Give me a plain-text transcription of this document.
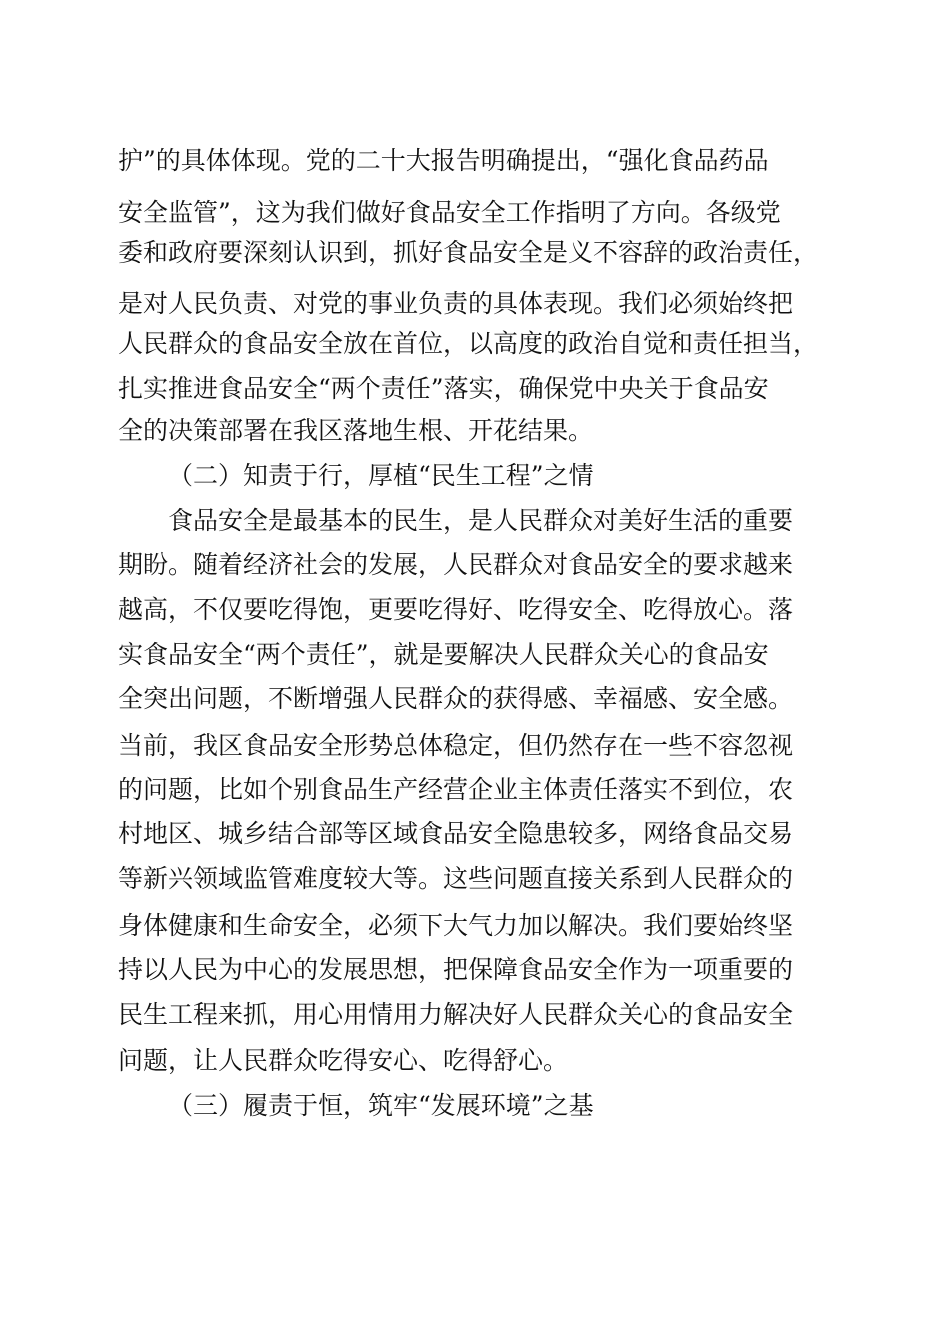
护”的具体体现。党的二十大报告明确提出，“强化食品药品
安全监管”，这为我们做好食品安全工作指明了方向。各级党
委和政府要深刻认识到，抓好食品安全是义不容辞的政治责任，
是对人民负责、对党的事业负责的具体表现。我们必须始终把
人民群众的食品安全放在首位，以高度的政治自觉和责任担当，
扎实推进食品安全“两个责任”落实，确保党中央关于食品安
全的决策部署在我区落地生根、开花结果。
（二）知责于行，厚植“民生工程”之情
食品安全是最基本的民生，是人民群众对美好生活的重要
期盼。随着经济社会的发展，人民群众对食品安全的要求越来
越高，不仅要吃得饱，更要吃得好、吃得安全、吃得放心。落
实食品安全“两个责任”，就是要解决人民群众关心的食品安
全突出问题，不断增强人民群众的获得感、幸福感、安全感。
当前，我区食品安全形势总体稳定，但仍然存在一些不容忽视
的问题，比如个别食品生产经营企业主体责任落实不到位，农
村地区、城乡结合部等区域食品安全隐患较多，网络食品交易
等新兴领域监管难度较大等。这些问题直接关系到人民群众的
身体健康和生命安全，必须下大气力加以解决。我们要始终坚
持以人民为中心的发展思想，把保障食品安全作为一项重要的
民生工程来抓，用心用情用力解决好人民群众关心的食品安全
问题，让人民群众吃得安心、吃得舒心。
（三）履责于恒，筑牢“发展环境”之基
